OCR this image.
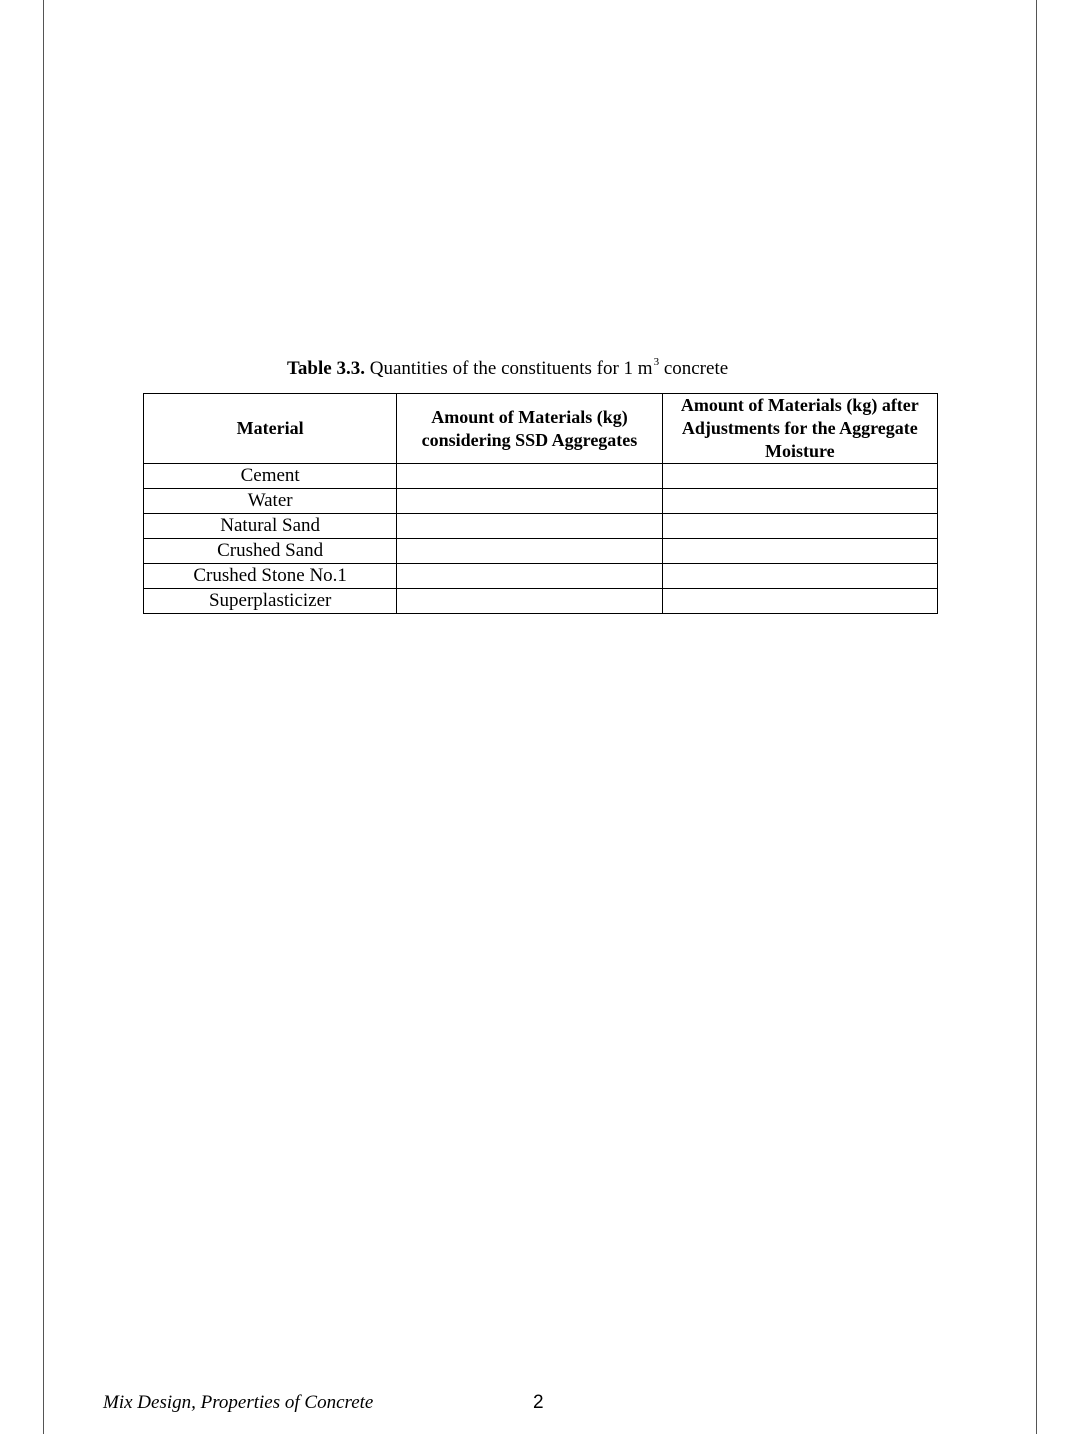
Table 3.3. Quantities of the constituents for 1 $m^3$ concrete
Material	Amount of Materials (kg) considering SSD Aggregates	Amount of Materials (kg) after Adjustments for the Aggregate Moisture

Cement		
Water		
Natural Sand		
Crushed Sand		
Crushed Stone No.1		
Superplasticizer		
Mix Design, Properties of Concrete	2
